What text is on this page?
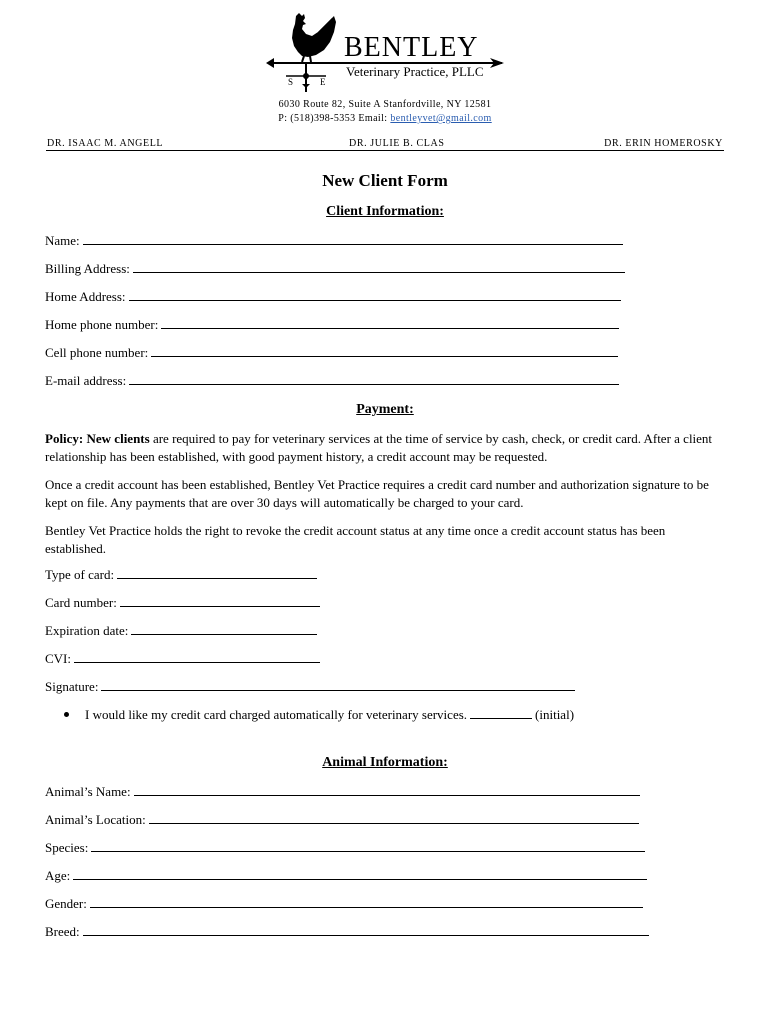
BENTLEY
Veterinary Practice, PLLC
S	E
6030 Route 82, Suite A Stanfordville, NY 12581
P: (518)398-5353 Email: bentleyvet@gmail.com
DR. ISAAC M. ANGELL	DR. JULIE B. CLAS	DR. ERIN HOMEROSKY
New Client Form
Client Information:
Name:
Billing Address:
Home Address:
Home phone number:
Cell phone number:
E-mail address:
Payment:

Policy: New clients are required to pay for veterinary services at the time of service by cash, check, or credit card. After a client relationship has been established, with good payment history, a credit account may be requested.

Once a credit account has been established, Bentley Vet Practice requires a credit card number and authorization signature to be kept on file. Any payments that are over 30 days will automatically be charged to your card.

Bentley Vet Practice holds the right to revoke the credit account status at any time once a credit account status has been established.

Type of card:
Card number:
Expiration date:
CVI:
Signature:
I would like my credit card charged automatically for veterinary services.	(initial)
Animal Information:
Animal’s Name:
Animal’s Location:
Species:
Age:
Gender:
Breed:
